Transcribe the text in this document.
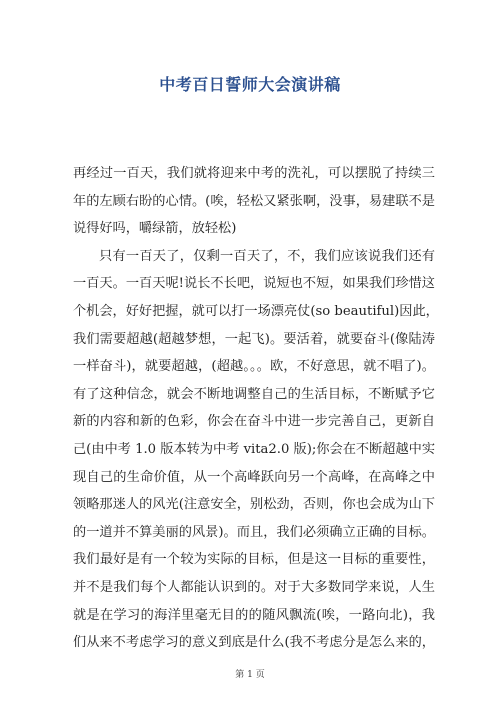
中考百日誓师大会演讲稿
再经过一百天，我们就将迎来中考的洗礼，可以摆脱了持续三
年的左顾右盼的心情。(唉，轻松又紧张啊，没事，易建联不是
说得好吗，嚼绿箭，放轻松)
只有一百天了，仅剩一百天了，不，我们应该说我们还有
一百天。一百天呢!说长不长吧，说短也不短，如果我们珍惜这
个机会，好好把握，就可以打一场漂亮仗(so beautiful)因此，
我们需要超越(超越梦想，一起飞)。要活着，就要奋斗(像陆涛
一样奋斗)，就要超越，(超越。。。欧，不好意思，就不唱了)。
有了这种信念，就会不断地调整自己的生活目标，不断赋予它
新的内容和新的色彩，你会在奋斗中进一步完善自己，更新自
己(由中考 1.0 版本转为中考 vita2.0 版);你会在不断超越中实
现自己的生命价值，从一个高峰跃向另一个高峰，在高峰之中
领略那迷人的风光(注意安全，别松劲，否则，你也会成为山下
的一道并不算美丽的风景)。而且，我们必须确立正确的目标。
我们最好是有一个较为实际的目标，但是这一目标的重要性，
并不是我们每个人都能认识到的。对于大多数同学来说，人生
就是在学习的海洋里毫无目的的随风飘流(唉，一路向北)，我
们从来不考虑学习的意义到底是什么(我不考虑分是怎么来的，
第 1 页
